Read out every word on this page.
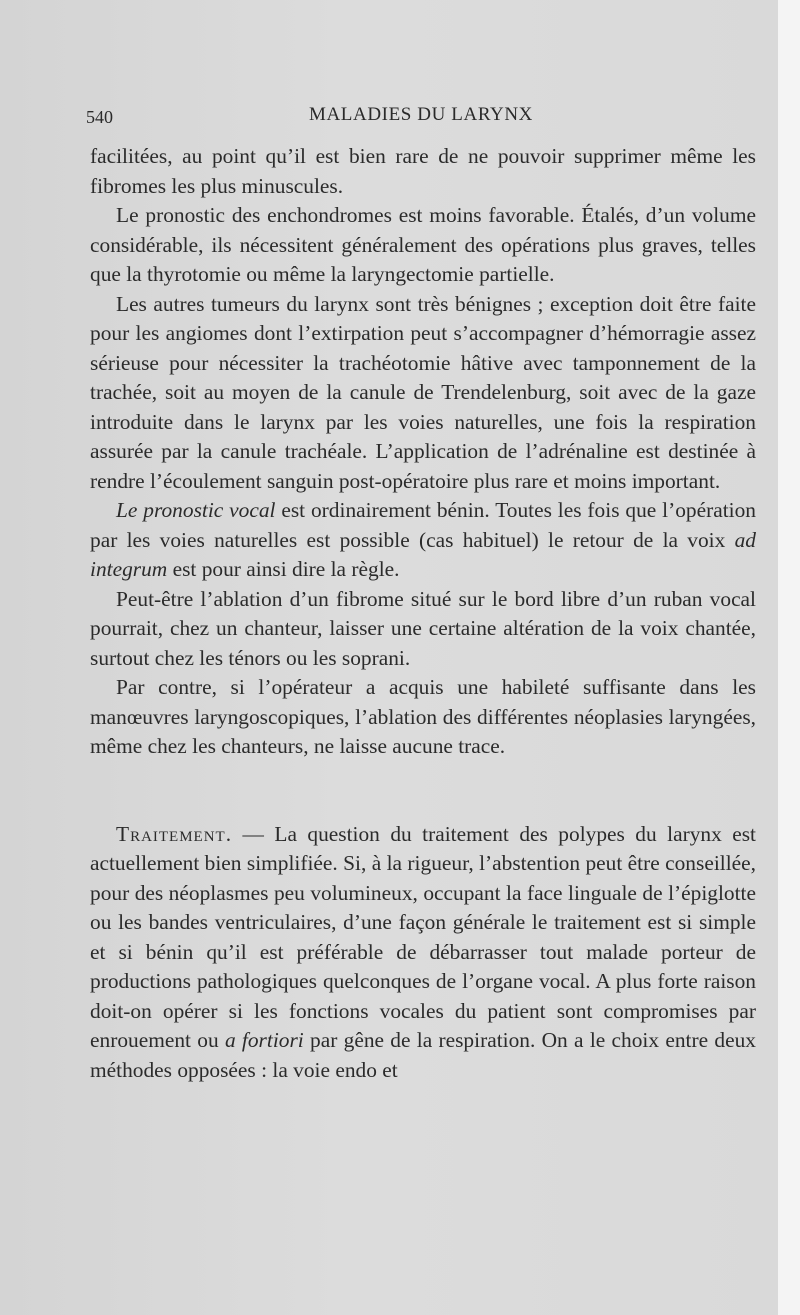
540	MALADIES DU LARYNX

facilitées, au point qu’il est bien rare de ne pouvoir supprimer même les fibromes les plus minuscules.

Le pronostic des enchondromes est moins favorable. Étalés, d’un volume considérable, ils nécessitent généralement des opérations plus graves, telles que la thyrotomie ou même la laryngectomie partielle.

Les autres tumeurs du larynx sont très bénignes ; exception doit être faite pour les angiomes dont l’extirpation peut s’accompagner d’hémorragie assez sérieuse pour nécessiter la trachéotomie hâtive avec tamponnement de la trachée, soit au moyen de la canule de Trendelenburg, soit avec de la gaze introduite dans le larynx par les voies naturelles, une fois la respiration assurée par la canule trachéale. L’application de l’adrénaline est destinée à rendre l’écoulement sanguin post-opératoire plus rare et moins important.

Le pronostic vocal est ordinairement bénin. Toutes les fois que l’opération par les voies naturelles est possible (cas habituel) le retour de la voix ad integrum est pour ainsi dire la règle.

Peut-être l’ablation d’un fibrome situé sur le bord libre d’un ruban vocal pourrait, chez un chanteur, laisser une certaine altération de la voix chantée, surtout chez les ténors ou les soprani.

Par contre, si l’opérateur a acquis une habileté suffisante dans les manœuvres laryngoscopiques, l’ablation des différentes néoplasies laryngées, même chez les chanteurs, ne laisse aucune trace.

Traitement. — La question du traitement des polypes du larynx est actuellement bien simplifiée. Si, à la rigueur, l’abstention peut être conseillée, pour des néoplasmes peu volumineux, occupant la face linguale de l’épiglotte ou les bandes ventriculaires, d’une façon générale le traitement est si simple et si bénin qu’il est préférable de débarrasser tout malade porteur de productions pathologiques quelconques de l’organe vocal. A plus forte raison doit-on opérer si les fonctions vocales du patient sont compromises par enrouement ou a fortiori par gêne de la respiration. On a le choix entre deux méthodes opposées : la voie endo et
